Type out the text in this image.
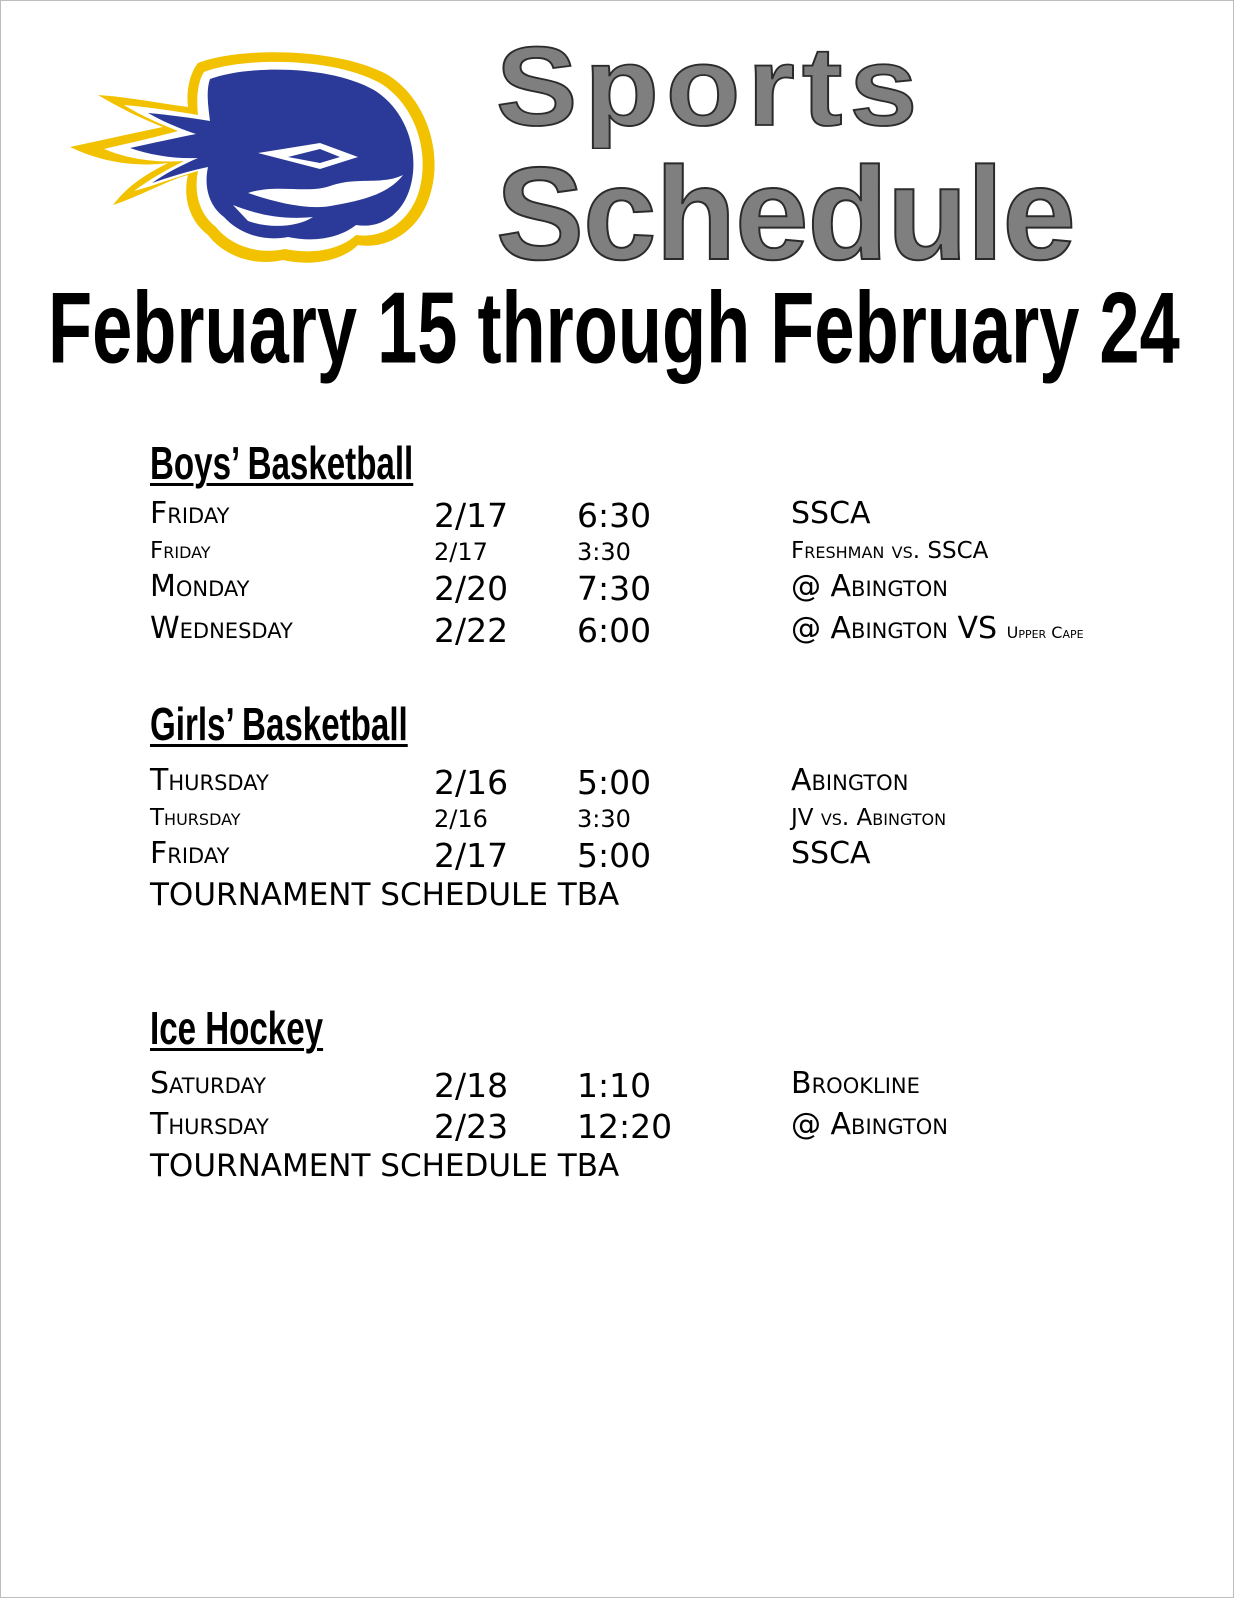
Sports
Schedule
February 15 through February 24
Boys’ Basketball
Friday	2/17 6:30	SSCA
Friday	2/17	3:30	Freshman vs. SSCA
Monday	2/20 7:30	@ Abington
Wednesday	2/22 6:00	@ Abington VS Upper Cape
Girls’ Basketball
Thursday	2/16 5:00	Abington
Thursday	2/16	3:30	JV vs. Abington
Friday	2/17 5:00	SSCA
TOURNAMENT SCHEDULE TBA
Ice Hockey
Saturday	2/18 1:10	Brookline
Thursday	2/23 12:20	@ Abington
TOURNAMENT SCHEDULE TBA
